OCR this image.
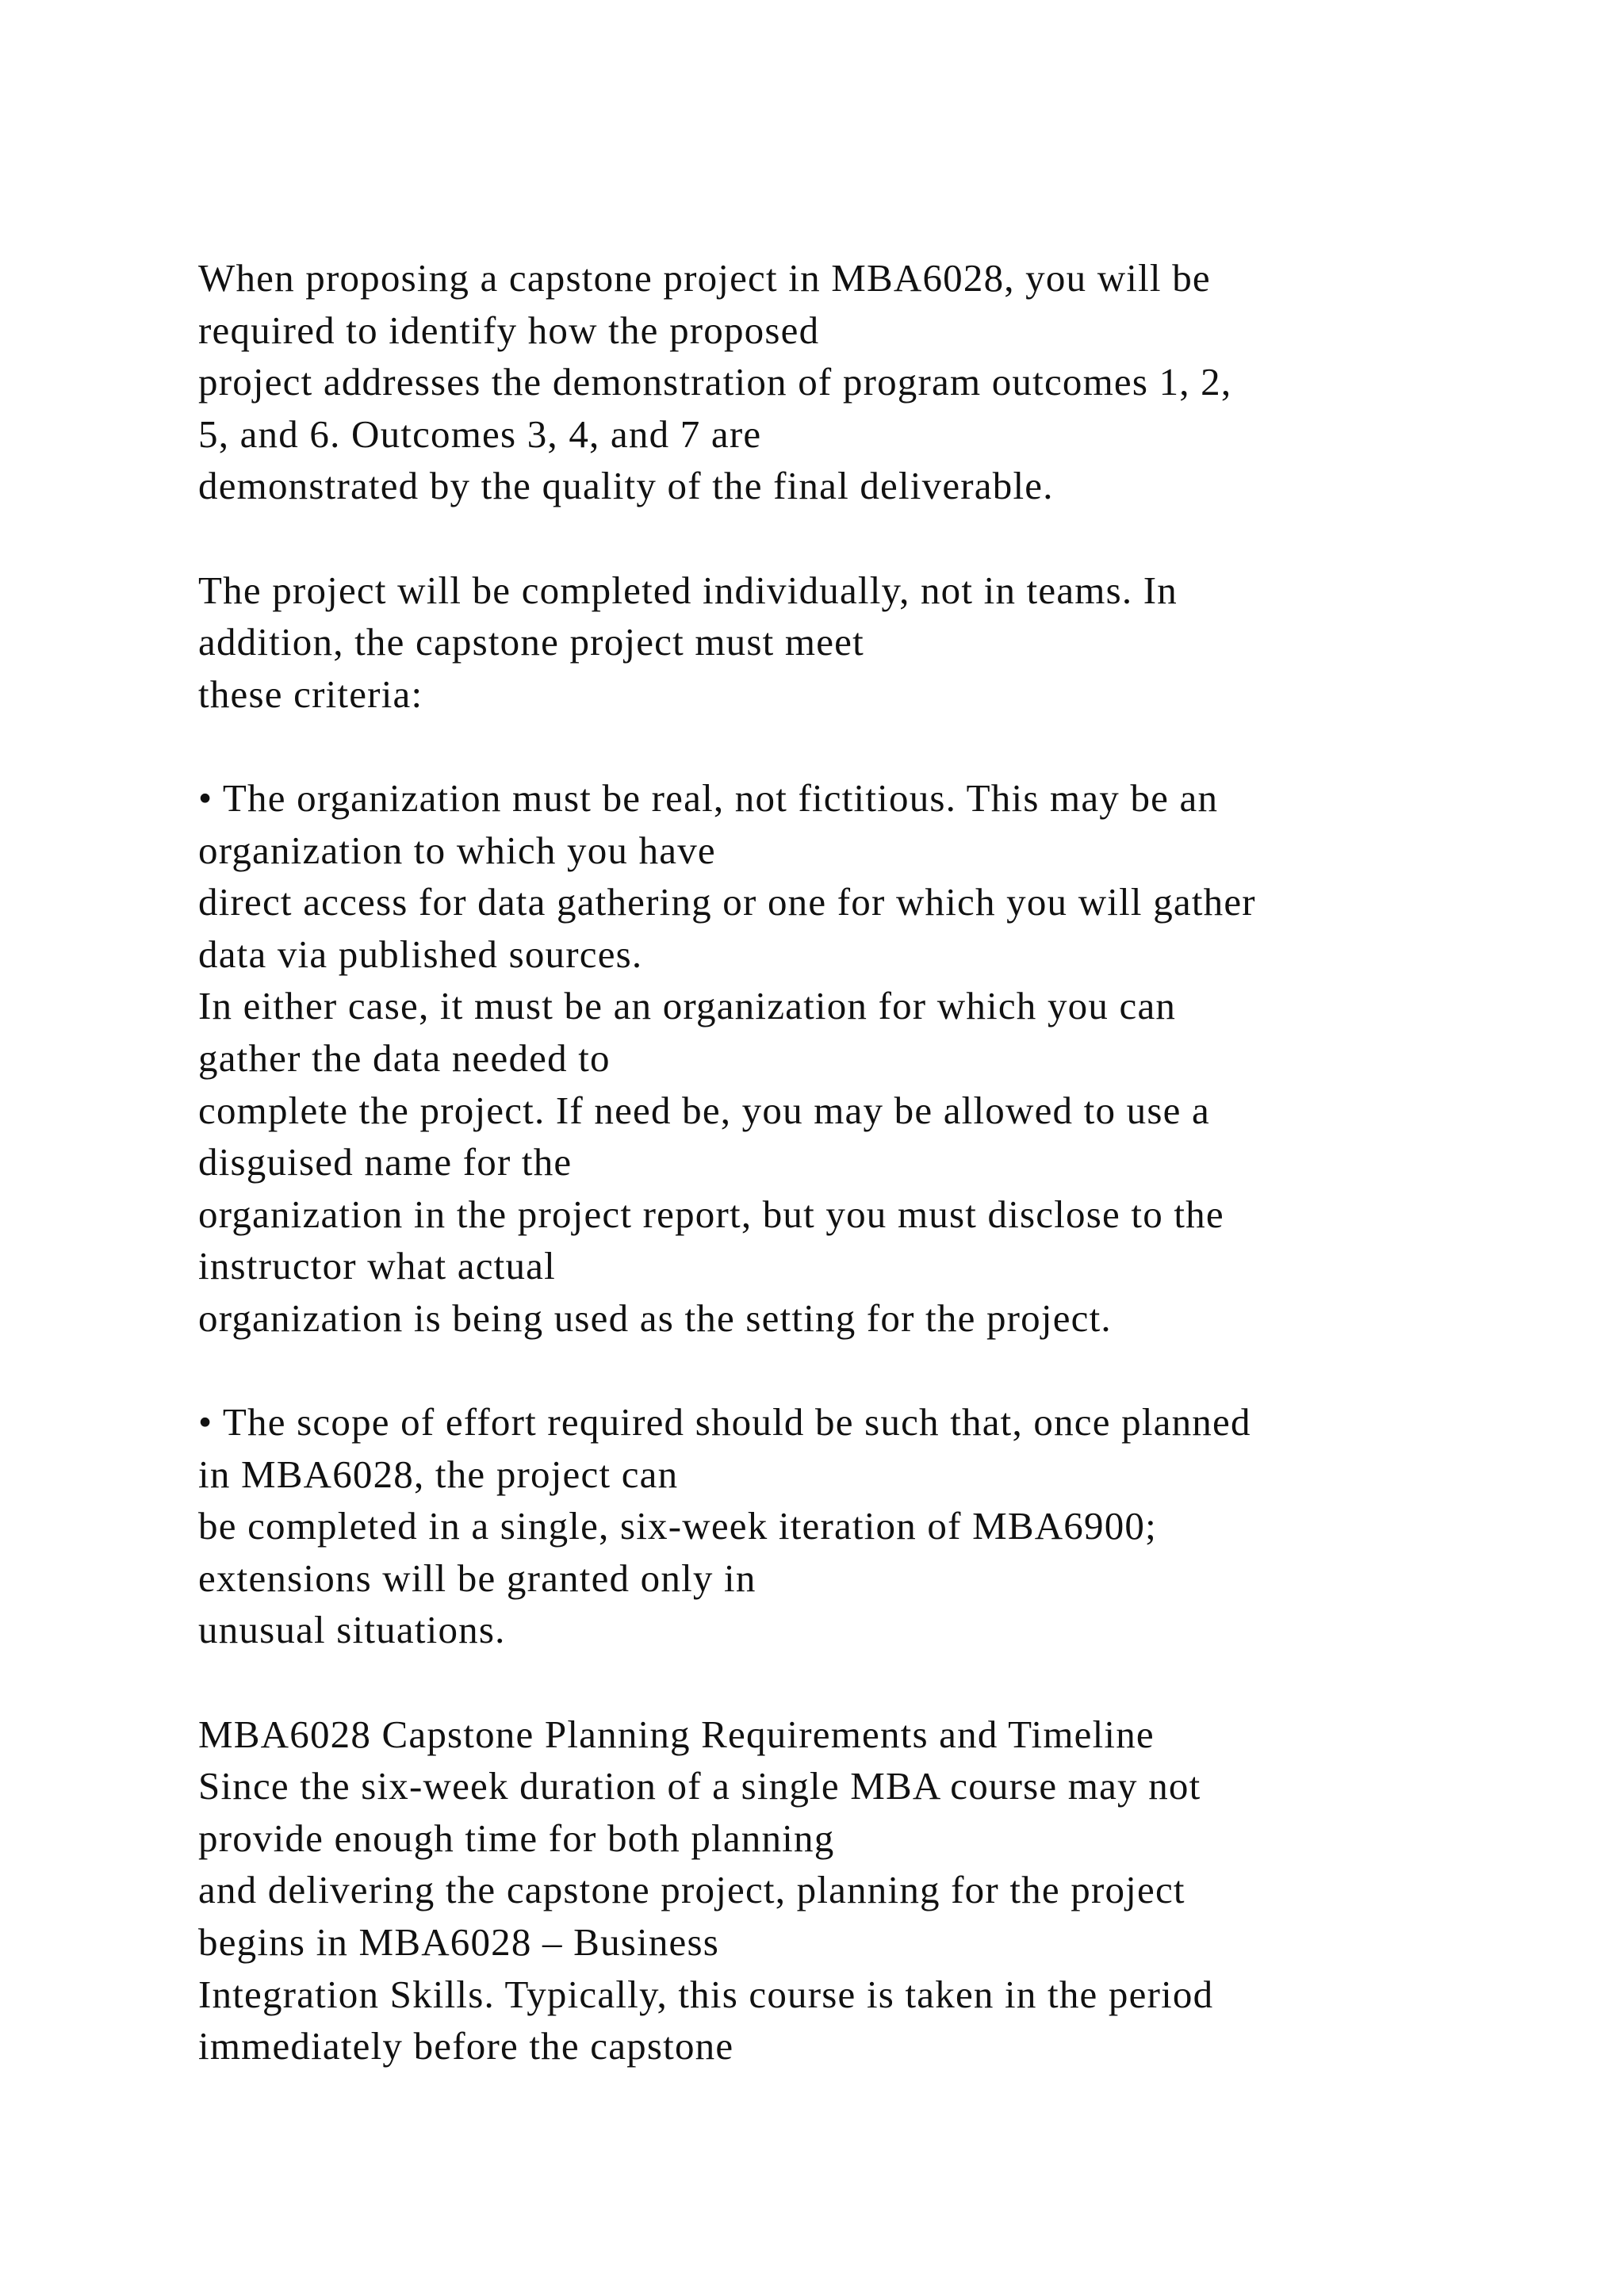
When proposing a capstone project in MBA6028, you will be
required to identify how the proposed
project addresses the demonstration of program outcomes 1, 2,
5, and 6. Outcomes 3, 4, and 7 are
demonstrated by the quality of the final deliverable.
The project will be completed individually, not in teams. In
addition, the capstone project must meet
these criteria:
• The organization must be real, not fictitious. This may be an
organization to which you have
direct access for data gathering or one for which you will gather
data via published sources.
In either case, it must be an organization for which you can
gather the data needed to
complete the project. If need be, you may be allowed to use a
disguised name for the
organization in the project report, but you must disclose to the
instructor what actual
organization is being used as the setting for the project.
• The scope of effort required should be such that, once planned
in MBA6028, the project can
be completed in a single, six-week iteration of MBA6900;
extensions will be granted only in
unusual situations.
MBA6028 Capstone Planning Requirements and Timeline
Since the six-week duration of a single MBA course may not
provide enough time for both planning
and delivering the capstone project, planning for the project
begins in MBA6028 – Business
Integration Skills. Typically, this course is taken in the period
immediately before the capstone
